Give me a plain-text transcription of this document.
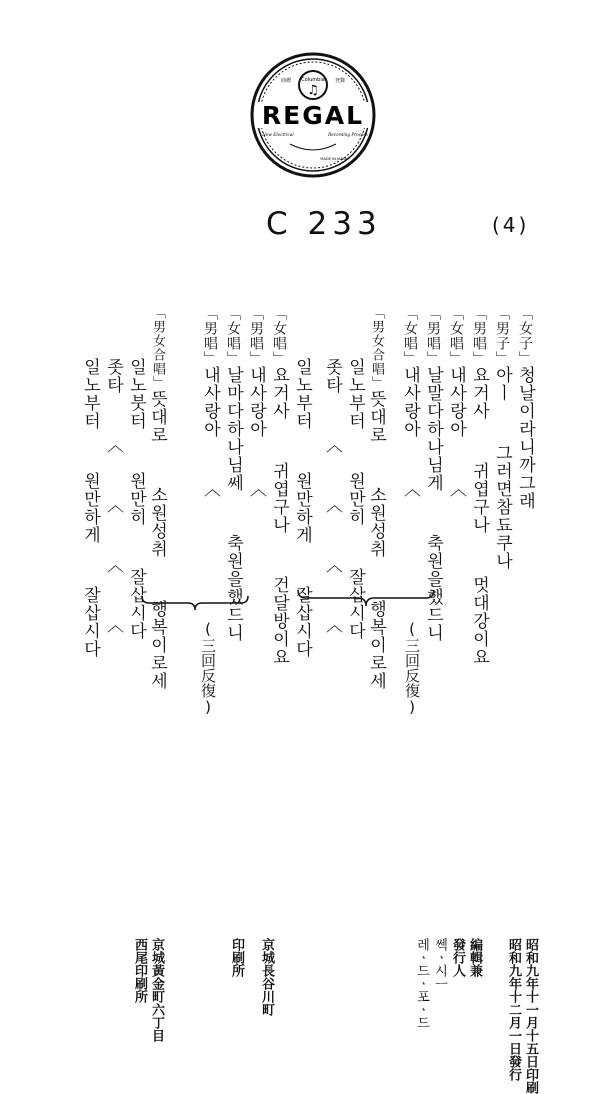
Columbia
♫
商標	登錄
REGAL
New Electrical	Recording Process
MADE IN JAPAN
C 233	(4)

「女子」청날이라니까그래

「男子」아ㅣ  그러면참됴쿠나

「男唱」요거사  귀엽구나  멋대강이요

「女唱」내사랑아  〈

「男唱」날말다하나님게  축원을했드니

「女唱」내사랑아  〈

「男女合唱」뜻대로  소원성취  행복이로세

일노부터  원만히  잘삽시다

좃타  〈  〈  〈  〈

일노부터  원만하게  잘삽시다

「女唱」요거사  귀엽구나  건달방이요

「男唱」내사랑아  〈

「女唱」날마다하나님쎄  축원을했드니

「男唱」내사랑아  〈

「男女合唱」뜻대로  소원성취  행복이로세

일노붓터  원만히  잘삽시다

좃타  〈  〈  〈  〈

일노부터  원만하게  잘삽시다

(三回反復)
(三回反復)
昭和九年十一月十五日印刷
昭和九年十二月一日發行
編輯兼
發行人
쎅ㆍ시ㅡ
레ㆍ드ㆍ포ㆍ드
京城長谷川町
印刷所
京城黃金町六丁目
西尾印刷所
